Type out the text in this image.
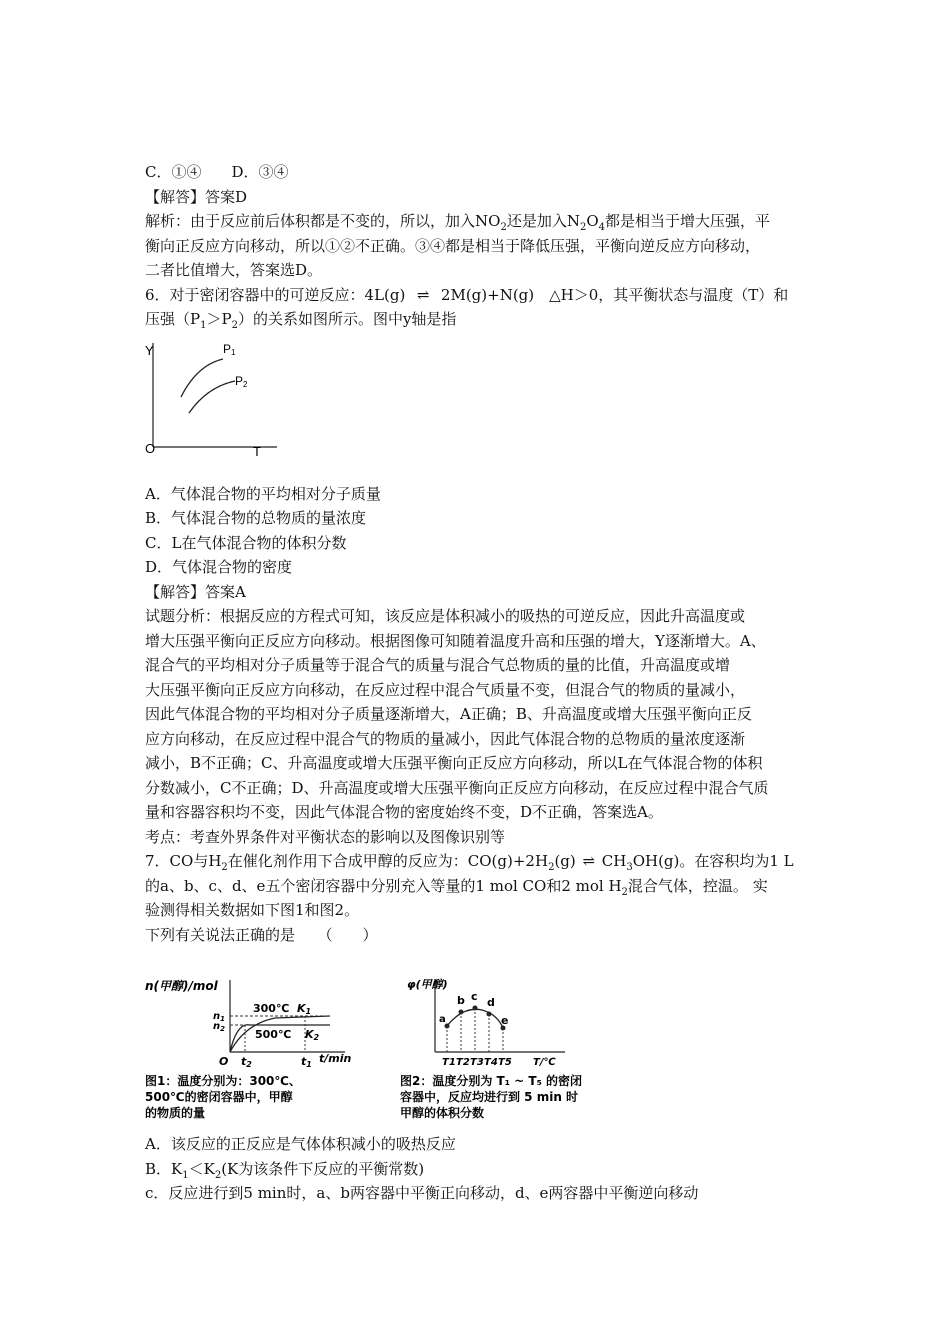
C．①④　　D．③④
【解答】答案D
解析：由于反应前后体积都是不变的，所以，加入$NO_2$还是加入$N_2O_4$都是相当于增大压强，平
衡向正反应方向移动，所以①②不正确。③④都是相当于降低压强，平衡向逆反应方向移动，
二者比值增大，答案选D。
6．对于密闭容器中的可逆反应：4L(g) ⇌ 2M(g)+N(g)　△H＞0，其平衡状态与温度（T）和
压强$(P_1>P_2)$的关系如图所示。图中y轴是指
A．气体混合物的平均相对分子质量
B．气体混合物的总物质的量浓度
C．L在气体混合物的体积分数
D．气体混合物的密度
【解答】答案A
试题分析：根据反应的方程式可知，该反应是体积减小的吸热的可逆反应，因此升高温度或
增大压强平衡向正反应方向移动。根据图像可知随着温度升高和压强的增大，Y逐渐增大。A、
混合气的平均相对分子质量等于混合气的质量与混合气总物质的量的比值，升高温度或增
大压强平衡向正反应方向移动，在反应过程中混合气质量不变，但混合气的物质的量减小，
因此气体混合物的平均相对分子质量逐渐增大，A正确；B、升高温度或增大压强平衡向正反
应方向移动，在反应过程中混合气的物质的量减小，因此气体混合物的总物质的量浓度逐渐
减小，B不正确；C、升高温度或增大压强平衡向正反应方向移动，所以L在气体混合物的体积
分数减小，C不正确；D、升高温度或增大压强平衡向正反应方向移动，在反应过程中混合气质
量和容器容积均不变，因此气体混合物的密度始终不变，D不正确，答案选A。
考点：考查外界条件对平衡状态的影响以及图像识别等
7．CO与$H_2$在催化剂作用下合成甲醇的反应为：$CO(g)+2H_2(g)$ ⇌ $CH_3OH(g)$。在容积均为1 L
的a、b、c、d、e五个密闭容器中分别充入等量的1 mol CO和2 mol $H_2$混合气体，控温。 实
验测得相关数据如下图1和图2。
下列有关说法正确的是　　（　　）
A．该反应的正反应是气体体积减小的吸热反应
B．$K_1<K_2(K$为该条件下反应的平衡常数)
c．反应进行到5 min时，a、b两容器中平衡正向移动，d、e两容器中平衡逆向移动
Y
O	T
P1
P2
n(甲醇)/mol
300℃ K1
500℃ K2
$n_1$
$n_2$
O t2	t1 t/min
图1：温度分别为：300℃、
500℃的密闭容器中，甲醇
的物质的量
φ(甲醇)
a
b c d
e
T1 T2 T3 T4 T5 T/℃
图2：温度分别为 T₁ ~ T₅ 的密闭
容器中，反应均进行到 5 min 时
甲醇的体积分数
